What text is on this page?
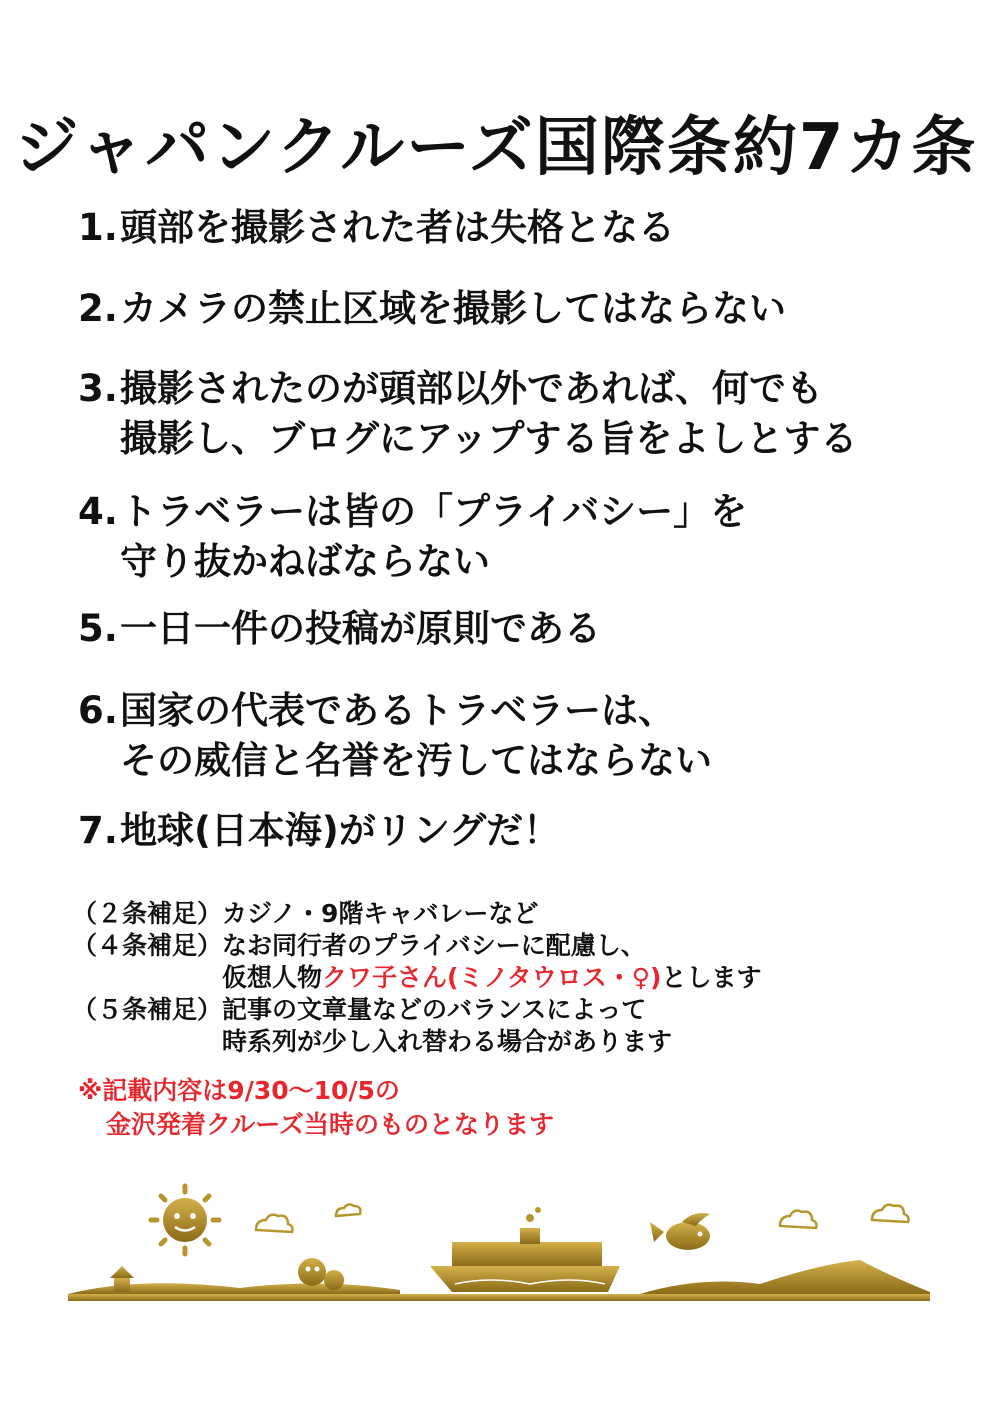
ジャパンクルーズ国際条約7カ条
1.頭部を撮影された者は失格となる
2.カメラの禁止区域を撮影してはならない
3.撮影されたのが頭部以外であれば、何でも
撮影し、ブログにアップする旨をよしとする
4.トラベラーは皆の「プライバシー」を
守り抜かねばならない
5.一日一件の投稿が原則である
6.国家の代表であるトラベラーは、
その威信と名誉を汚してはならない
7.地球(日本海)がリングだ！
（２条補足）カジノ・9階キャバレーなど
（４条補足）なお同行者のプライバシーに配慮し、
仮想人物クワ子さん(ミノタウロス・♀)とします
（５条補足）記事の文章量などのバランスによって
時系列が少し入れ替わる場合があります
※記載内容は9/30～10/5の
金沢発着クルーズ当時のものとなります
